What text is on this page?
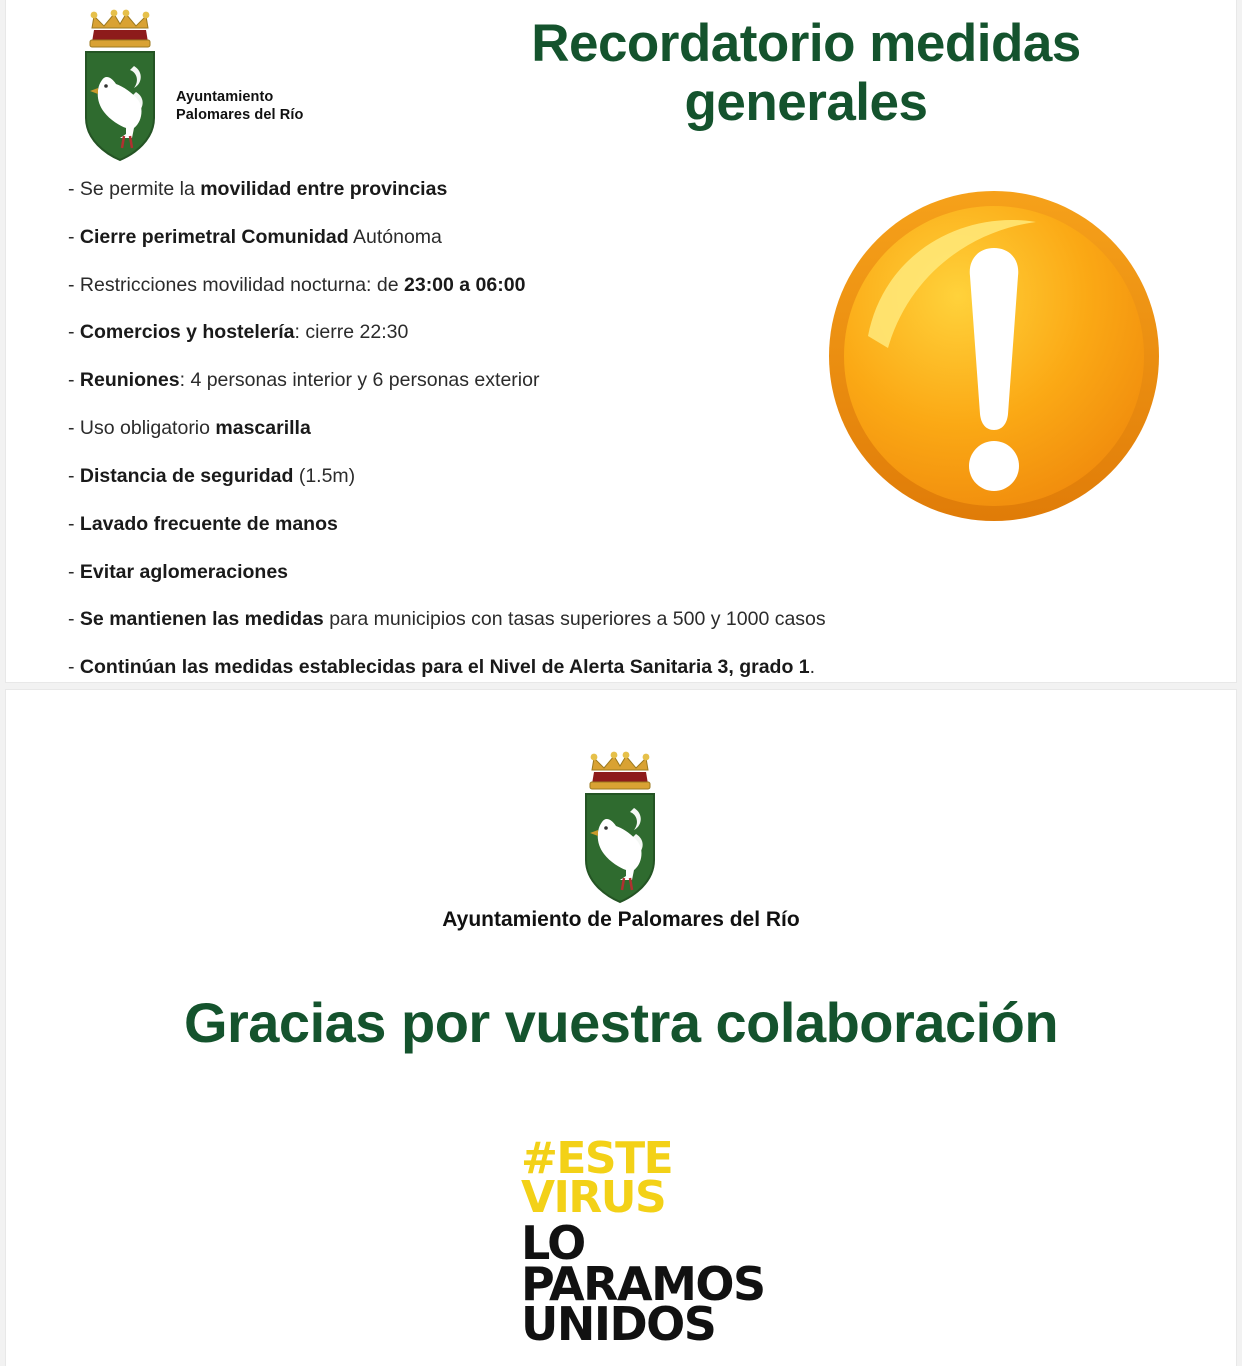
Ayuntamiento
Palomares del Río
Recordatorio medidas generales
- Se permite la movilidad entre provincias
- Cierre perimetral Comunidad Autónoma
- Restricciones movilidad nocturna: de 23:00 a 06:00
- Comercios y hostelería: cierre 22:30
- Reuniones: 4 personas interior y 6 personas exterior
- Uso obligatorio mascarilla
- Distancia de seguridad (1.5m)
- Lavado frecuente de manos
- Evitar aglomeraciones
- Se mantienen las medidas para municipios con tasas superiores a 500 y 1000 casos
- Continúan las medidas establecidas para el Nivel de Alerta Sanitaria 3, grado 1.
Ayuntamiento de Palomares del Río
Gracias por vuestra colaboración
#ESTE
VIRUS
LO
PARAMOS
UNIDOS
